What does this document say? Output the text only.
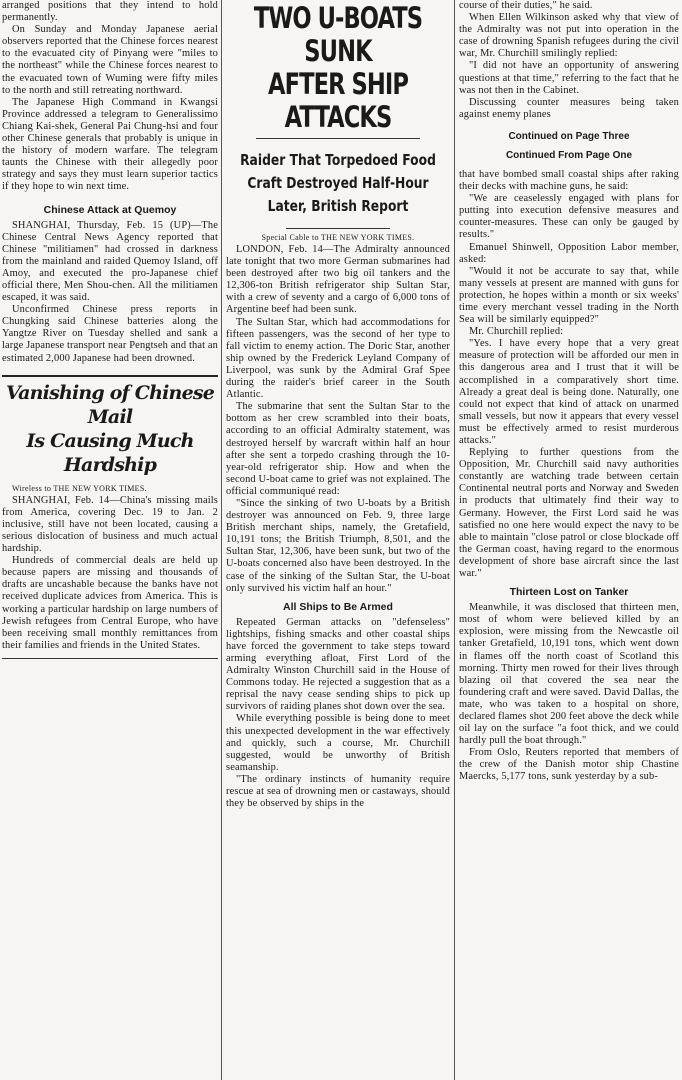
arranged positions that they intend to hold permanently.

On Sunday and Monday Japanese aerial observers reported that the Chinese forces nearest to the evacuated city of Pinyang were "miles to the northeast" while the Chinese forces nearest to the evacuated town of Wuming were fifty miles to the north and still retreating northward.

The Japanese High Command in Kwangsi Province addressed a telegram to Generalissimo Chiang Kai-shek, General Pai Chung-hsi and four other Chinese generals that probably is unique in the history of modern warfare. The telegram taunts the Chinese with their allegedly poor strategy and says they must learn superior tactics if they hope to win next time.

Chinese Attack at Quemoy

SHANGHAI, Thursday, Feb. 15 (UP)—The Chinese Central News Agency reported that Chinese "militiamen" had crossed in darkness from the mainland and raided Quemoy Island, off Amoy, and executed the pro-Japanese chief official there, Men Shou-chen. All the militiamen escaped, it was said.

Unconfirmed Chinese press reports in Chungking said Chinese batteries along the Yangtze River on Tuesday shelled and sank a large Japanese transport near Pengtseh and that an estimated 2,000 Japanese had been drowned.

Vanishing of Chinese Mail
Is Causing Much Hardship

Wireless to THE NEW YORK TIMES.

SHANGHAI, Feb. 14—China's missing mails from America, covering Dec. 19 to Jan. 2 inclusive, still have not been located, causing a serious dislocation of business and much actual hardship.

Hundreds of commercial deals are held up because papers are missing and thousands of drafts are uncashable because the banks have not received duplicate advices from America. This is working a particular hardship on large numbers of Jewish refugees from Central Europe, who have been receiving small monthly remittances from their families and friends in the United States.

TWO U-BOATS SUNK
AFTER SHIP ATTACKS
Raider That Torpedoed Food
Craft Destroyed Half-Hour
Later, British Report
Special Cable to THE NEW YORK TIMES.

LONDON, Feb. 14—The Admiralty announced late tonight that two more German submarines had been destroyed after two big oil tankers and the 12,306-ton British refrigerator ship Sultan Star, with a crew of seventy and a cargo of 6,000 tons of Argentine beef had been sunk.

The Sultan Star, which had accommodations for fifteen passengers, was the second of her type to fall victim to enemy action. The Doric Star, another ship owned by the Frederick Leyland Company of Liverpool, was sunk by the Admiral Graf Spee during the raider's brief career in the South Atlantic.

The submarine that sent the Sultan Star to the bottom as her crew scrambled into their boats, according to an official Admiralty statement, was destroyed herself by warcraft within half an hour after she sent a torpedo crashing through the 10-year-old refrigerator ship. How and when the second U-boat came to grief was not explained. The official communiqué read:

"Since the sinking of two U-boats by a British destroyer was announced on Feb. 9, three large British merchant ships, namely, the Gretafield, 10,191 tons; the British Triumph, 8,501, and the Sultan Star, 12,306, have been sunk, but two of the U-boats concerned also have been destroyed. In the case of the sinking of the Sultan Star, the U-boat only survived his victim half an hour."

All Ships to Be Armed

Repeated German attacks on "defenseless" lightships, fishing smacks and other coastal ships have forced the government to take steps toward arming everything afloat, First Lord of the Admiralty Winston Churchill said in the House of Commons today. He rejected a suggestion that as a reprisal the navy cease sending ships to pick up survivors of raiding planes shot down over the sea.

While everything possible is being done to meet this unexpected development in the war effectively and quickly, such a course, Mr. Churchill suggested, would be unworthy of British seamanship.

"The ordinary instincts of humanity require rescue at sea of drowning men or castaways, should they be observed by ships in the

course of their duties," he said.

When Ellen Wilkinson asked why that view of the Admiralty was not put into operation in the case of drowning Spanish refugees during the civil war, Mr. Churchill smilingly replied:

"I did not have an opportunity of answering questions at that time," referring to the fact that he was not then in the Cabinet.

Discussing counter measures being taken against enemy planes

Continued on Page Three
Continued From Page One

that have bombed small coastal ships after raking their decks with machine guns, he said:

"We are ceaselessly engaged with plans for putting into execution defensive measures and counter-measures. These can only be gauged by results."

Emanuel Shinwell, Opposition Labor member, asked:

"Would it not be accurate to say that, while many vessels at present are manned with guns for protection, he hopes within a month or six weeks' time every merchant vessel trading in the North Sea will be similarly equipped?"

Mr. Churchill replied:

"Yes. I have every hope that a very great measure of protection will be afforded our men in this dangerous area and I trust that it will be accomplished in a comparatively short time. Already a great deal is being done. Naturally, one could not expect that kind of attack on unarmed small vessels, but now it appears that every vessel must be effectively armed to resist murderous attacks."

Replying to further questions from the Opposition, Mr. Churchill said navy authorities constantly are watching trade between certain Continental neutral ports and Norway and Sweden in products that ultimately find their way to Germany. However, the First Lord said he was satisfied no one here would expect the navy to be able to maintain "close patrol or close blockade off the German coast, having regard to the enormous development of shore base aircraft since the last war."

Thirteen Lost on Tanker

Meanwhile, it was disclosed that thirteen men, most of whom were believed killed by an explosion, were missing from the Newcastle oil tanker Gretafield, 10,191 tons, which went down in flames off the north coast of Scotland this morning. Thirty men rowed for their lives through blazing oil that covered the sea near the foundering craft and were saved. David Dallas, the mate, who was taken to a hospital on shore, declared flames shot 200 feet above the deck while oil lay on the surface "a foot thick, and we could hardly pull the boat through."

From Oslo, Reuters reported that members of the crew of the Danish motor ship Chastine Maercks, 5,177 tons, sunk yesterday by a sub-
